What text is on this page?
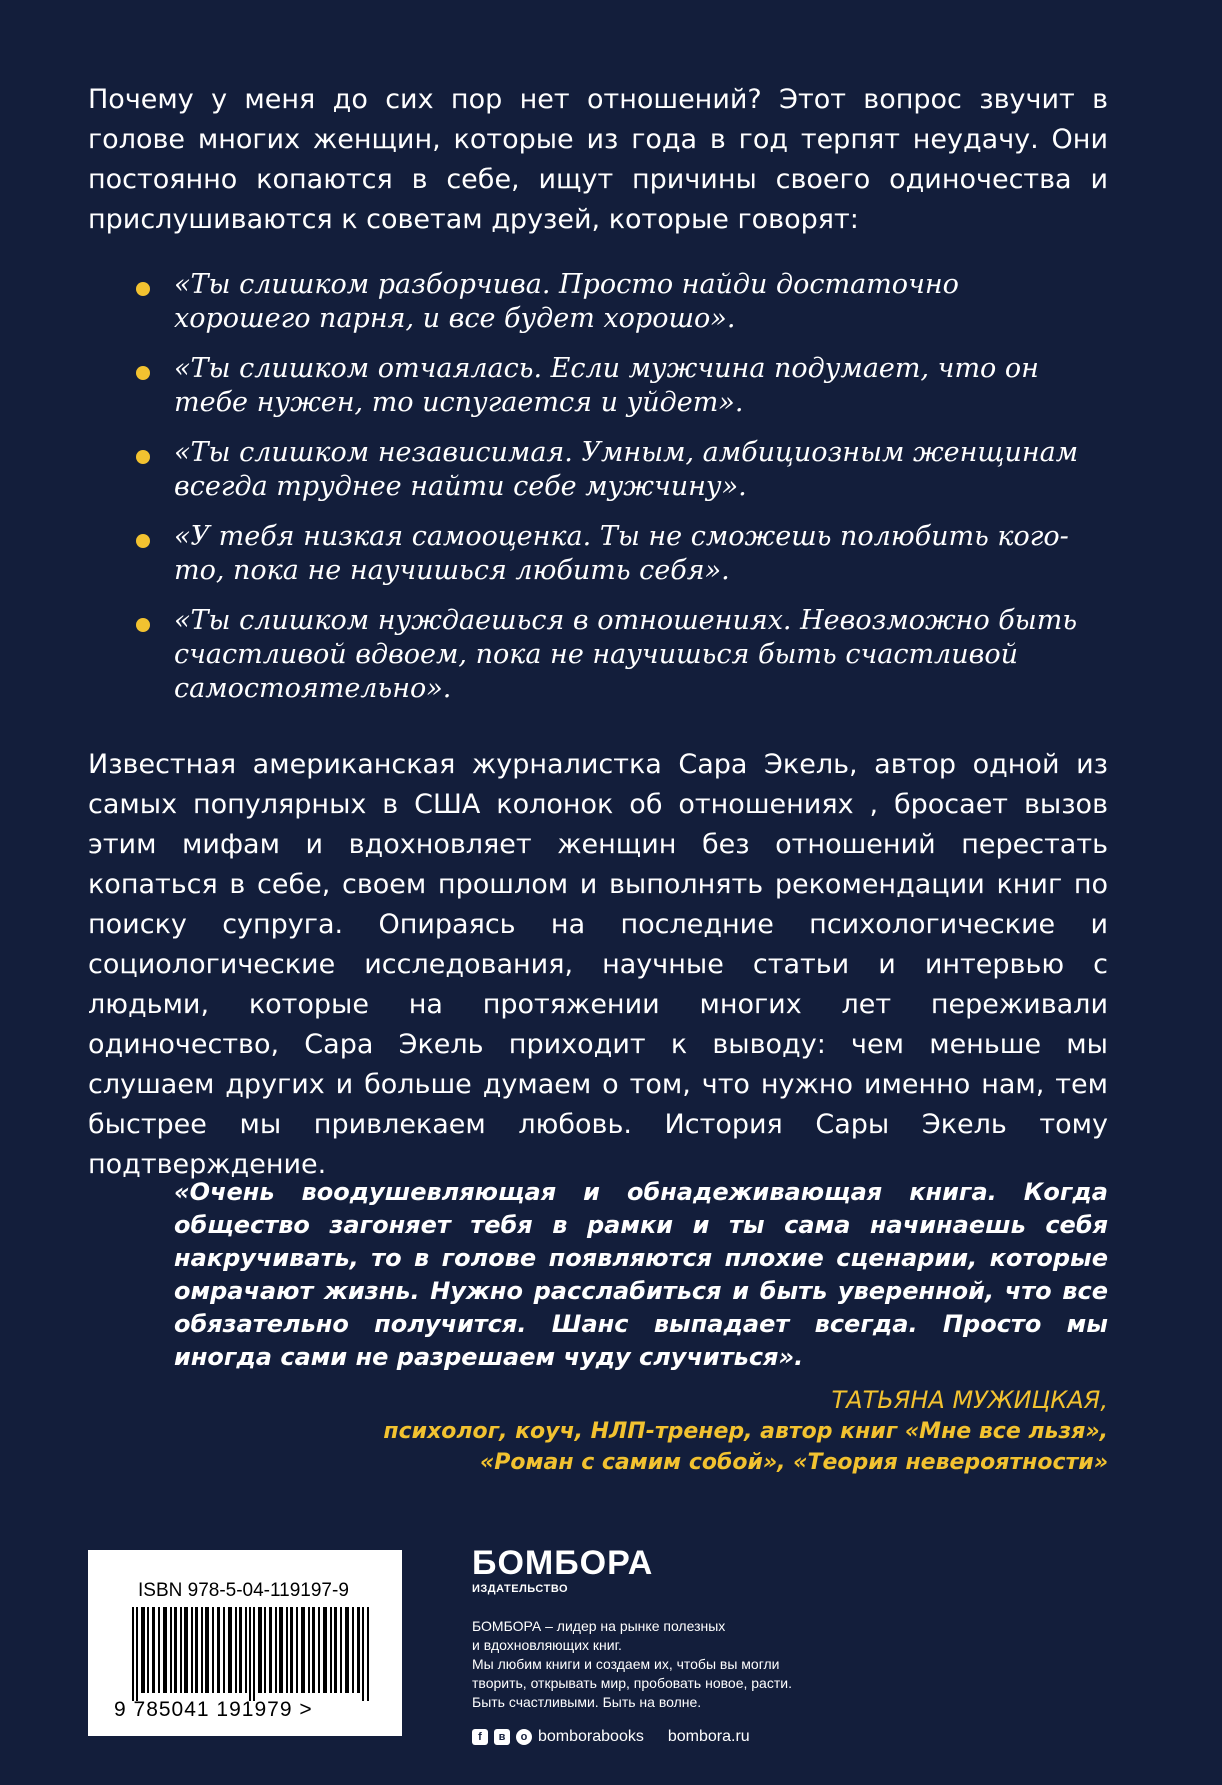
Почему у меня до сих пор нет отношений? Этот вопрос звучит в голове многих женщин, которые из года в год терпят неудачу. Они постоянно копаются в себе, ищут причины своего одиночества и прислушиваются к советам друзей, которые говорят:

«Ты слишком разборчива. Просто найди достаточно хорошего парня, и все будет хорошо».
«Ты слишком отчаялась. Если мужчина подумает, что он тебе нужен, то испугается и уйдет».
«Ты слишком независимая. Умным, амбициозным женщинам всегда труднее найти себе мужчину».
«У тебя низкая самооценка. Ты не сможешь полюбить кого-то, пока не научишься любить себя».
«Ты слишком нуждаешься в отношениях. Невозможно быть счастливой вдвоем, пока не научишься быть счастливой самостоятельно».

Известная американская журналистка Сара Экель, автор одной из самых популярных в США колонок об отношениях , бросает вызов этим мифам и вдохновляет женщин без отношений перестать копаться в себе, своем прошлом и выполнять рекомендации книг по поиску супруга. Опираясь на последние психологические и социологические исследования, научные статьи и интервью с людьми, которые на протяжении многих лет переживали одиночество, Сара Экель приходит к выводу: чем меньше мы слушаем других и больше думаем о том, что нужно именно нам, тем быстрее мы привлекаем любовь. История Сары Экель тому подтверждение.

«Очень воодушевляющая и обнадеживающая книга. Когда общество загоняет тебя в рамки и ты сама начинаешь себя накручивать, то в голове появляются плохие сценарии, которые омрачают жизнь. Нужно расслабиться и быть уверенной, что все обязательно получится. Шанс выпадает всегда. Просто мы иногда сами не разрешаем чуду случиться».

ТАТЬЯНА МУЖИЦКАЯ,
психолог, коуч, НЛП-тренер, автор книг «Мне все льзя»,
«Роман с самим собой», «Теория невероятности»
ISBN 978-5-04-119197-9
9 785041 191979 >
БОМБОРА
ИЗДАТЕЛЬСТВО
БОМБОРА – лидер на рынке полезных
и вдохновляющих книг.
Мы любим книги и создаем их, чтобы вы могли
творить, открывать мир, пробовать новое, расти.
Быть счастливыми. Быть на волне.
f	в	o bomborabooks bombora.ru
